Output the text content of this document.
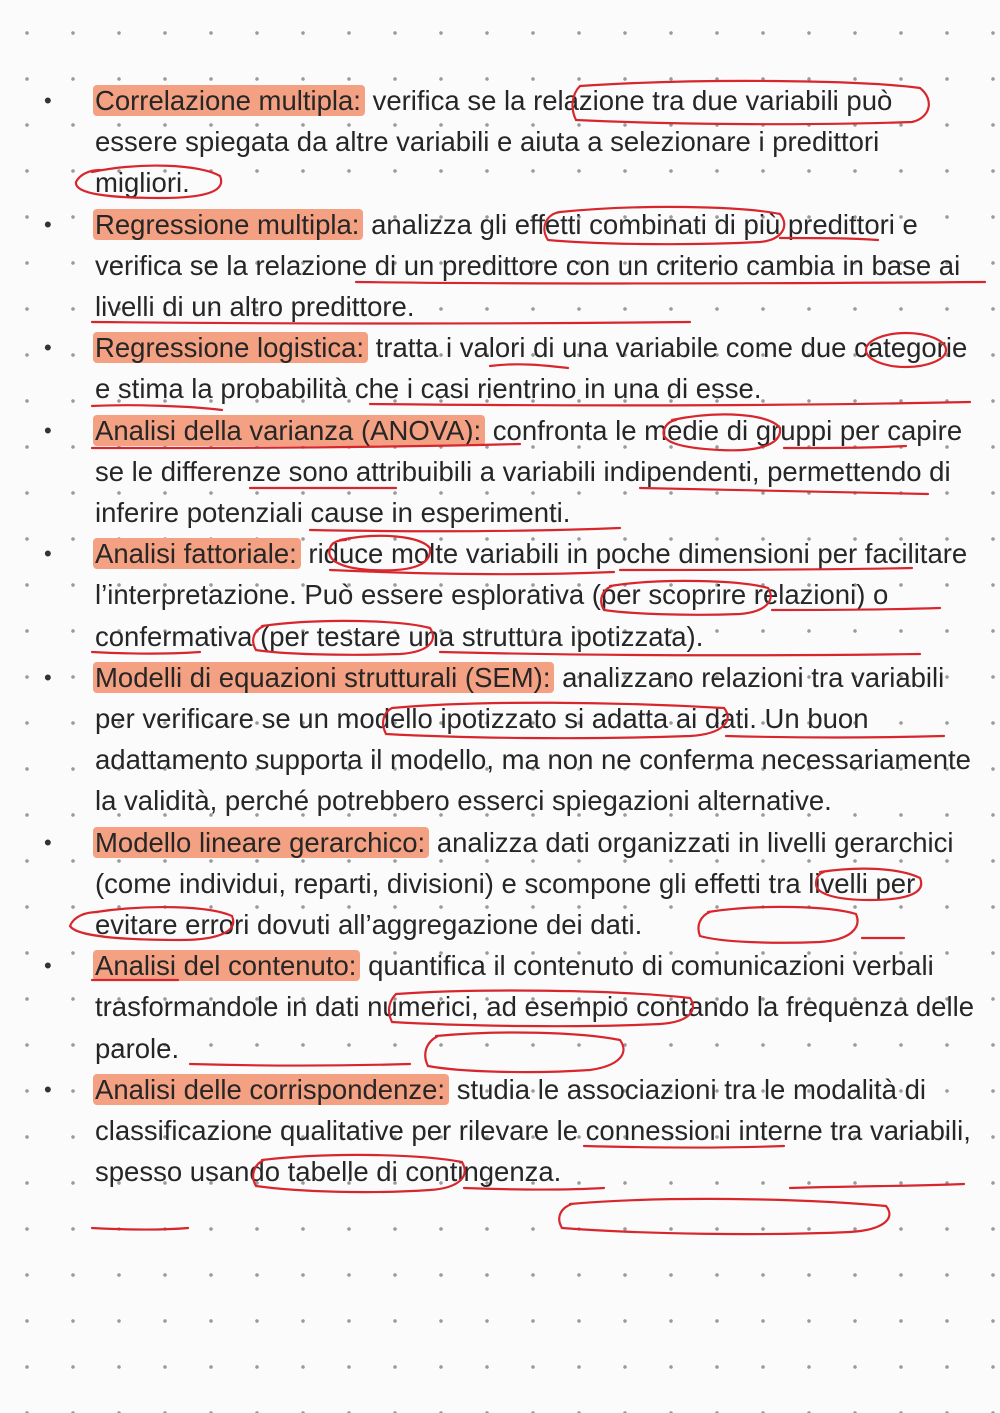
• Correlazione multipla: verifica se la relazione tra due variabili può essere spiegata da altre variabili e aiuta a selezionare i predittori migliori.
• Regressione multipla: analizza gli effetti combinati di più predittori e verifica se la relazione di un predittore con un criterio cambia in base ai livelli di un altro predittore.
• Regressione logistica: tratta i valori di una variabile come due categorie e stima la probabilità che i casi rientrino in una di esse.
• Analisi della varianza (ANOVA): confronta le medie di gruppi per capire se le differenze sono attribuibili a variabili indipendenti, permettendo di inferire potenziali cause in esperimenti.
• Analisi fattoriale: riduce molte variabili in poche dimensioni per facilitare l’interpretazione. Può essere esplorativa (per scoprire relazioni) o confermativa (per testare una struttura ipotizzata).
• Modelli di equazioni strutturali (SEM): analizzano relazioni tra variabili per verificare se un modello ipotizzato si adatta ai dati. Un buon adattamento supporta il modello, ma non ne conferma necessariamente la validità, perché potrebbero esserci spiegazioni alternative.
• Modello lineare gerarchico: analizza dati organizzati in livelli gerarchici (come individui, reparti, divisioni) e scompone gli effetti tra livelli per evitare errori dovuti all’aggregazione dei dati.
• Analisi del contenuto: quantifica il contenuto di comunicazioni verbali trasformandole in dati numerici, ad esempio contando la frequenza delle parole.
• Analisi delle corrispondenze: studia le associazioni tra le modalità di classificazione qualitative per rilevare le connessioni interne tra variabili, spesso usando tabelle di contingenza.
